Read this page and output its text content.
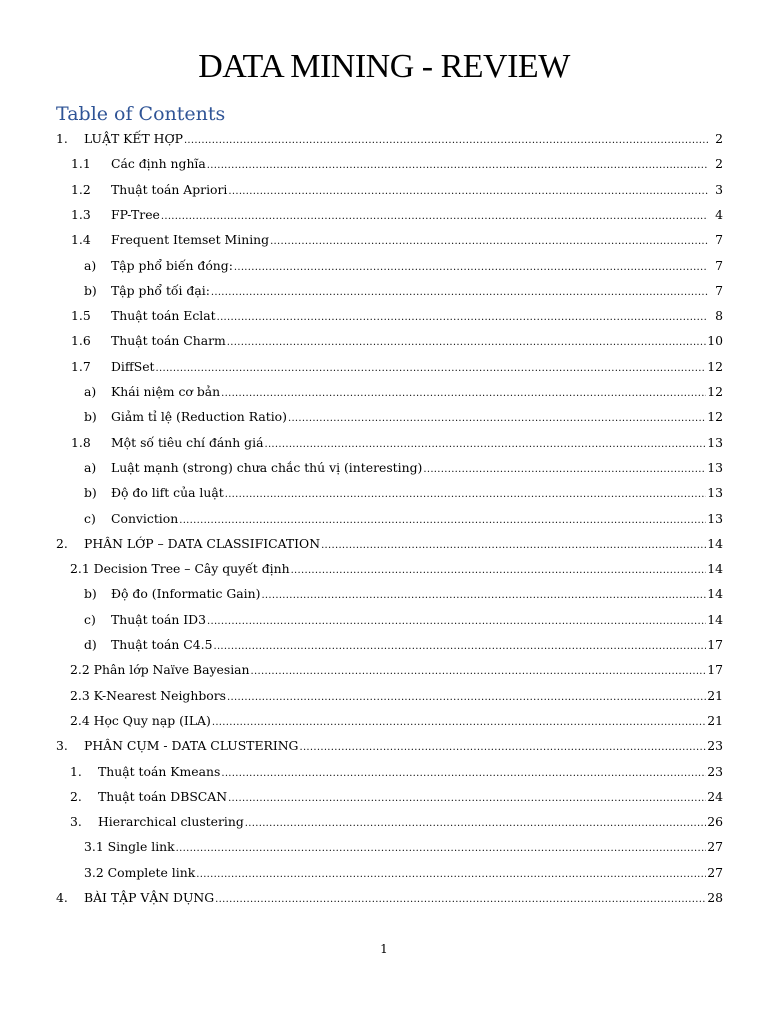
DATA MINING - REVIEW
Table of Contents
1. LUẬT KẾT HỢP .....	2
1.1 Các định nghĩa .....	2
1.2 Thuật toán Apriori .....	3
1.3 FP-Tree .....	4
1.4 Frequent Itemset Mining .....	7
a) Tập phổ biến đóng: .....	7
b) Tập phổ tối đại: .....	7
1.5 Thuật toán Eclat .....	8
1.6 Thuật toán Charm .....	10
1.7 DiffSet .....	12
a) Khái niệm cơ bản .....	12
b) Giảm tỉ lệ (Reduction Ratio) .....	12
1.8 Một số tiêu chí đánh giá .....	13
a) Luật mạnh (strong) chưa chắc thú vị (interesting) .....	13
b) Độ đo lift của luật .....	13
c) Conviction .....	13
2. PHÂN LỚP – DATA CLASSIFICATION .....	14
2.1 Decision Tree – Cây quyết định .....	14
b) Độ đo (Informatic Gain) .....	14
c) Thuật toán ID3 .....	14
d) Thuật toán C4.5 .....	17
2.2 Phân lớp Naïve Bayesian .....	17
2.3 K-Nearest Neighbors .....	21
2.4 Học Quy nạp (ILA) .....	21
3. PHÂN CỤM - DATA CLUSTERING .....	23
1. Thuật toán Kmeans .....	23
2. Thuật toán DBSCAN .....	24
3. Hierarchical clustering .....	26
3.1 Single link .....	27
3.2 Complete link .....	27
4. BÀI TẬP VẬN DỤNG .....	28
1
